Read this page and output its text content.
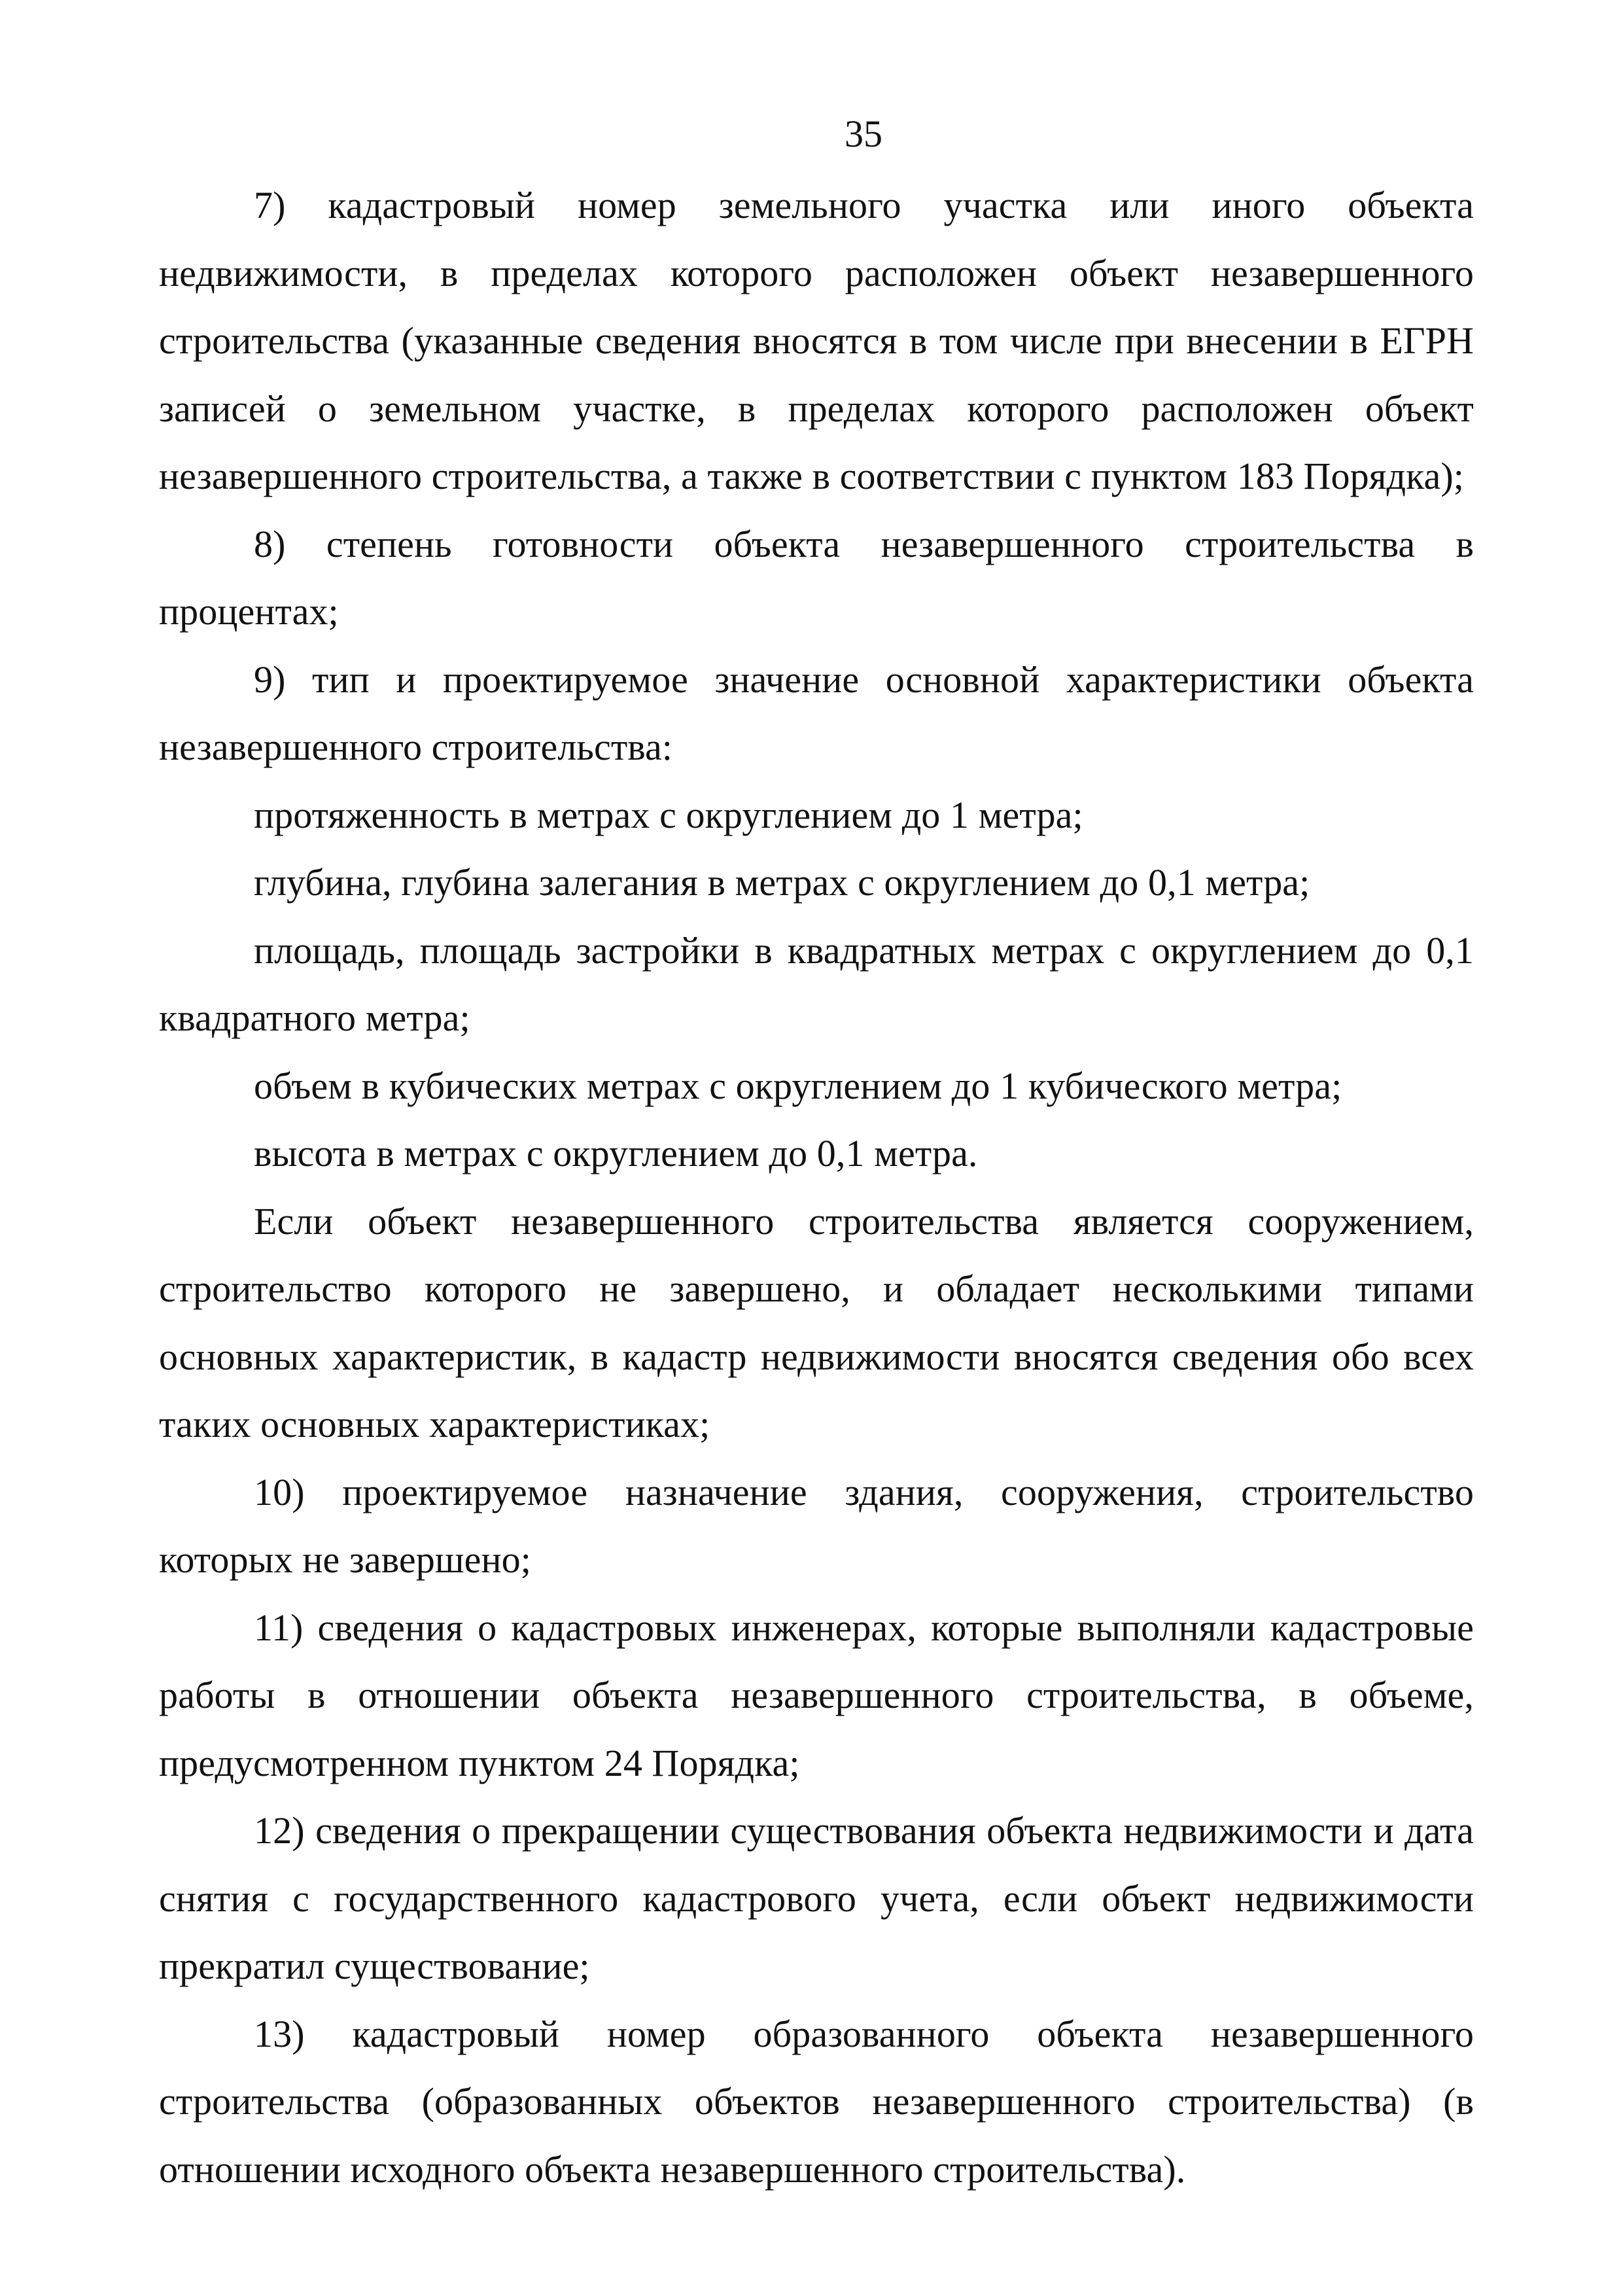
35

7) кадастровый номер земельного участка или иного объекта недвижимости, в пределах которого расположен объект незавершенного строительства (указанные сведения вносятся в том числе при внесении в ЕГРН записей о земельном участке, в пределах которого расположен объект незавершенного строительства, а также в соответствии с пунктом 183 Порядка);

8) степень готовности объекта незавершенного строительства в процентах;

9) тип и проектируемое значение основной характеристики объекта незавершенного строительства:

протяженность в метрах с округлением до 1 метра;

глубина, глубина залегания в метрах с округлением до 0,1 метра;

площадь, площадь застройки в квадратных метрах с округлением до 0,1 квадратного метра;

объем в кубических метрах с округлением до 1 кубического метра;

высота в метрах с округлением до 0,1 метра.

Если объект незавершенного строительства является сооружением, строительство которого не завершено, и обладает несколькими типами основных характеристик, в кадастр недвижимости вносятся сведения обо всех таких основных характеристиках;

10) проектируемое назначение здания, сооружения, строительство которых не завершено;

11) сведения о кадастровых инженерах, которые выполняли кадастровые работы в отношении объекта незавершенного строительства, в объеме, предусмотренном пунктом 24 Порядка;

12) сведения о прекращении существования объекта недвижимости и дата снятия с государственного кадастрового учета, если объект недвижимости прекратил существование;

13) кадастровый номер образованного объекта незавершенного строительства (образованных объектов незавершенного строительства) (в отношении исходного объекта незавершенного строительства).
